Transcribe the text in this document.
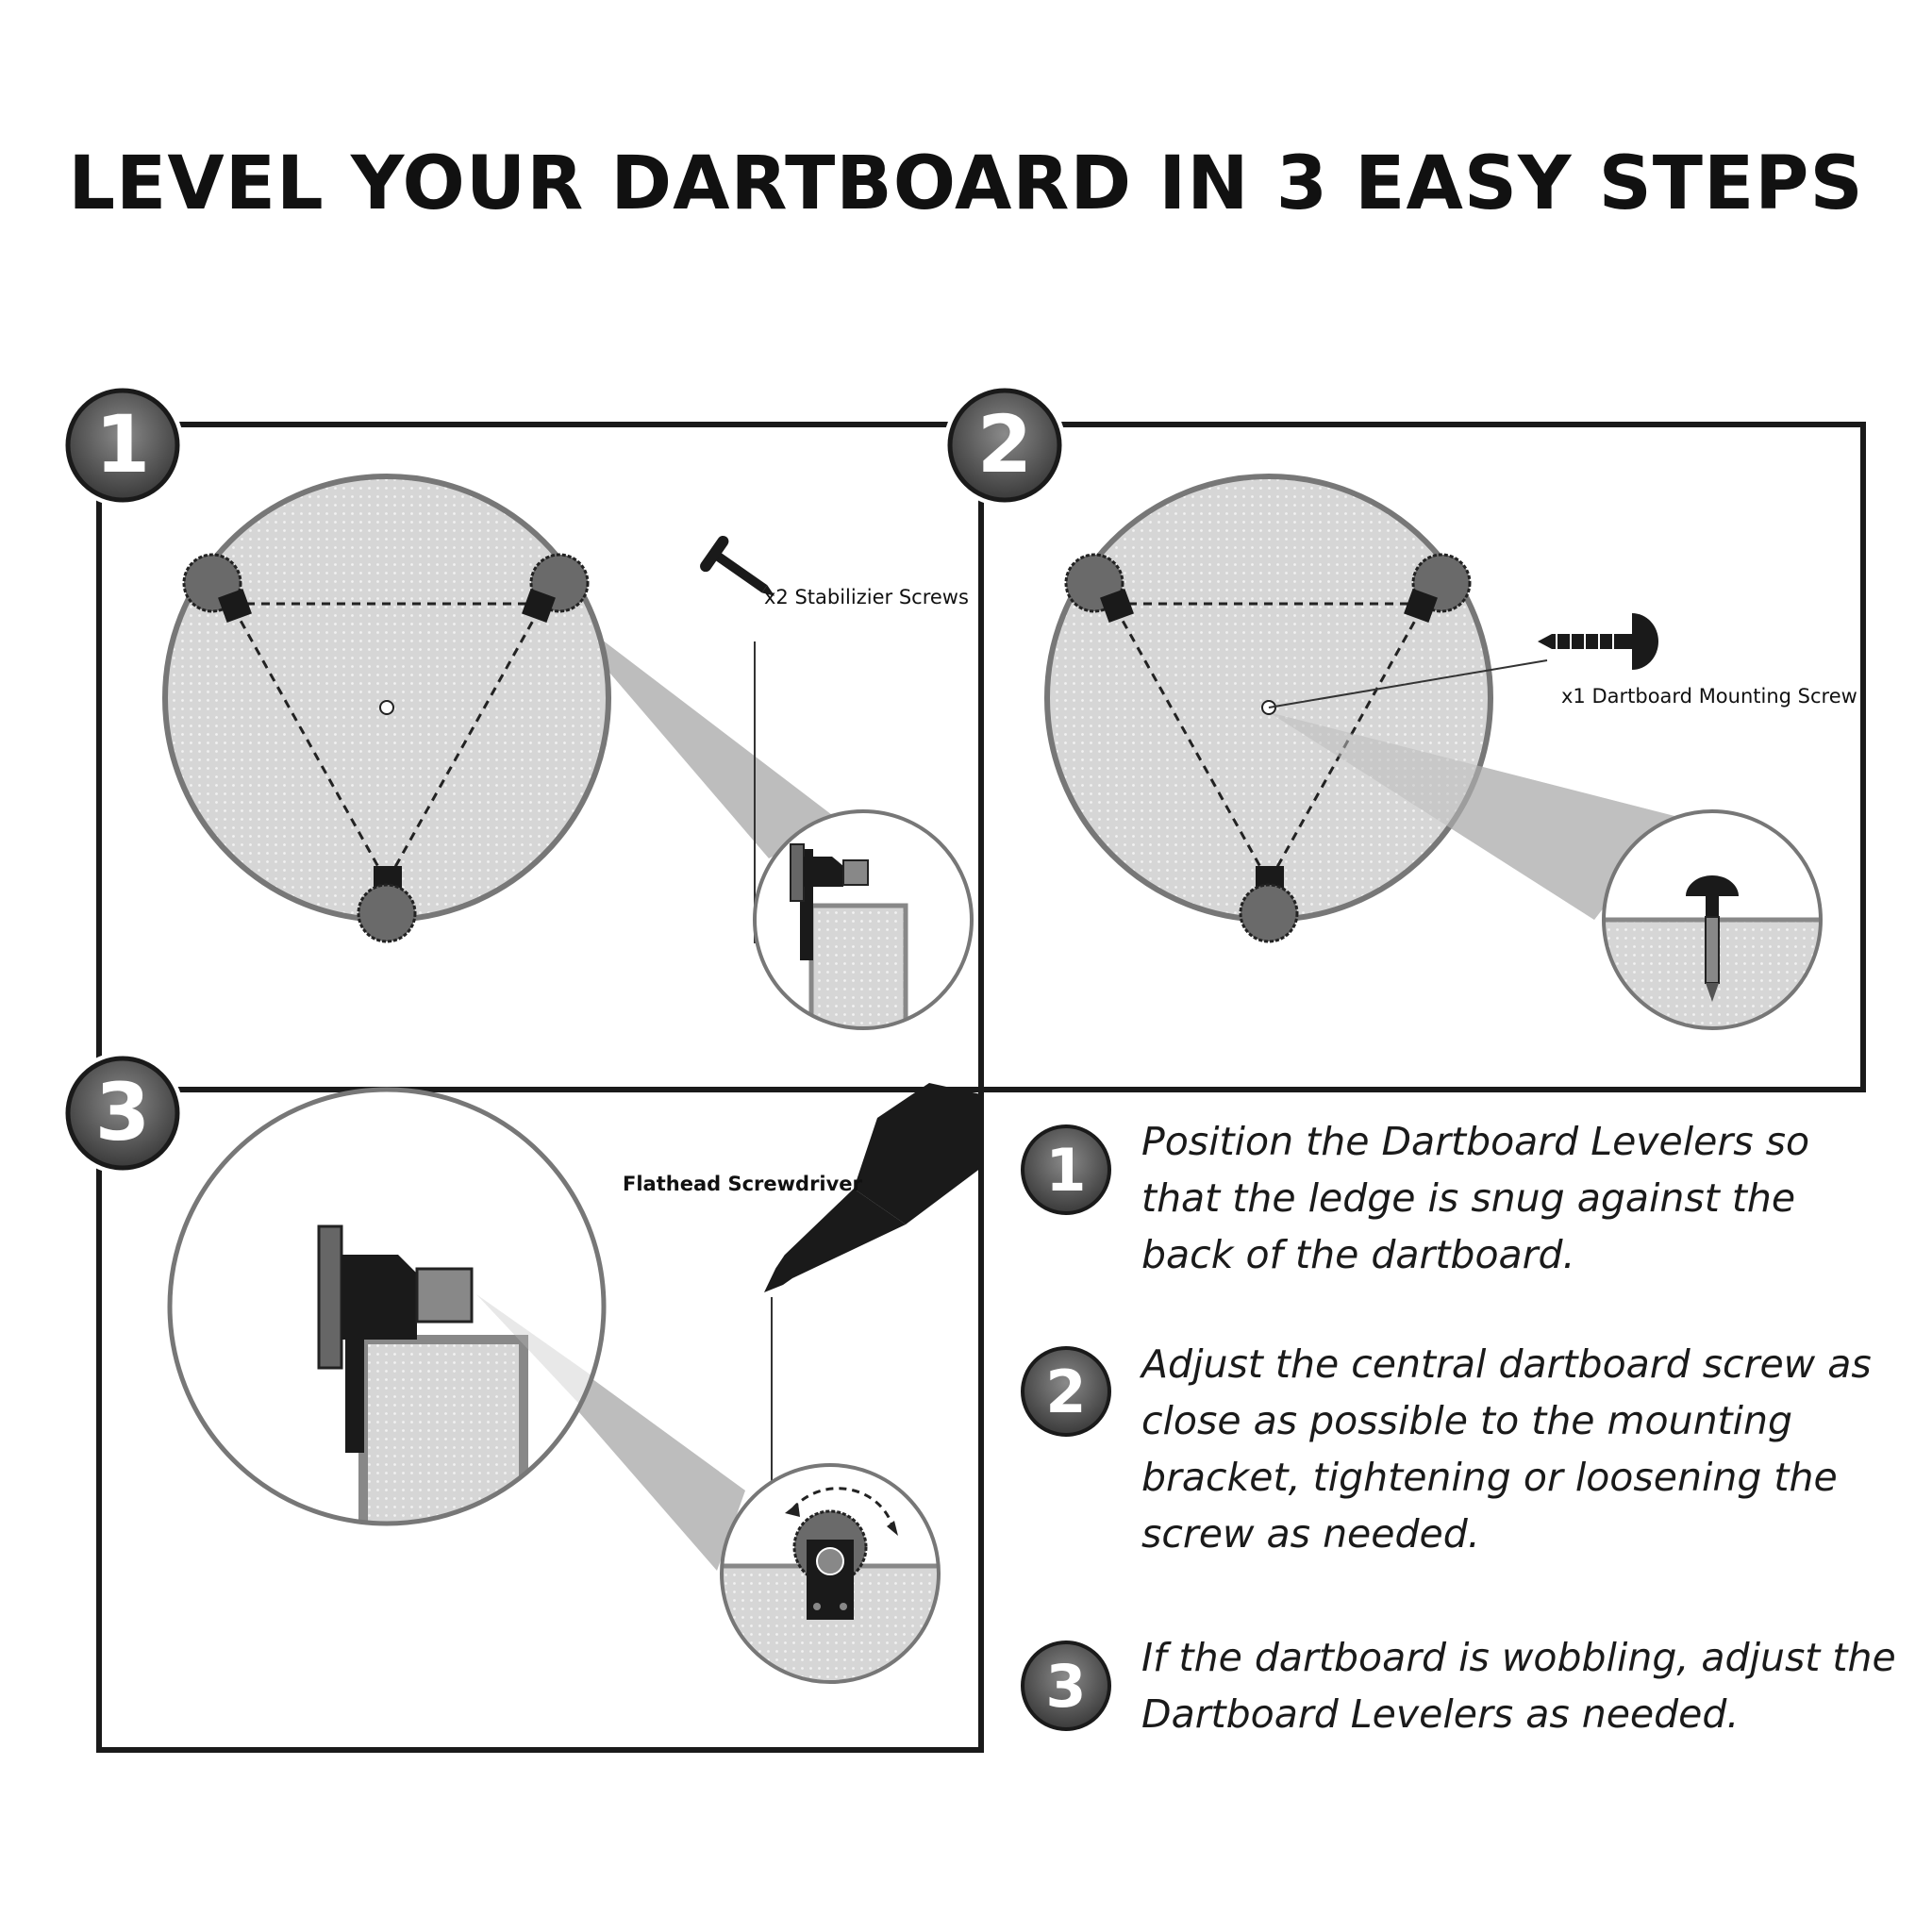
LEVEL YOUR DARTBOARD IN 3 EASY STEPS
x2 Stabilizier Screws
x1 Dartboard Mounting Screw
Flathead Screwdriver
1	2
3
1
2
3
Position the Dartboard Levelers so that the ledge is snug against the back of the dartboard.
Adjust the central dartboard screw as close as possible to the mounting bracket, tightening or loosening the screw as needed.
If the dartboard is wobbling, adjust the Dartboard Levelers as needed.
